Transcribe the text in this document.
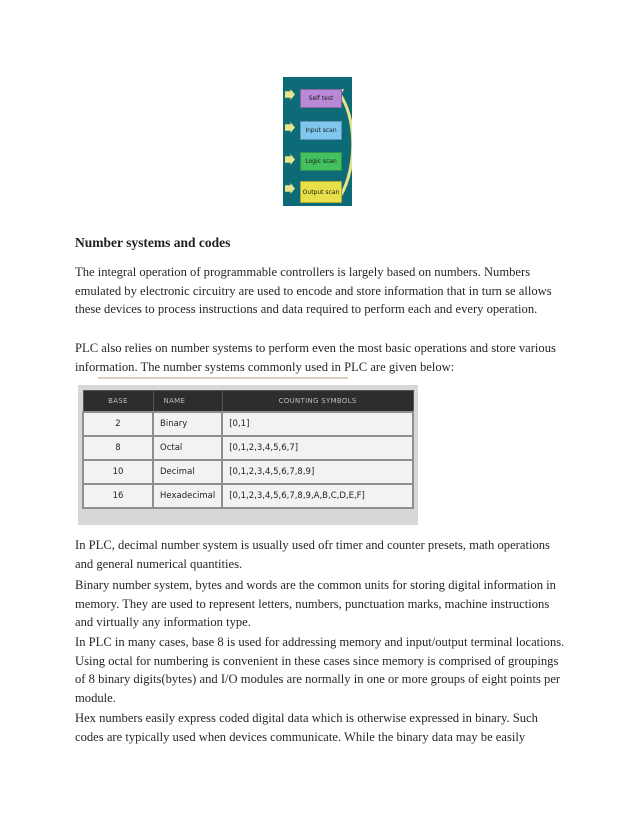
Self test
Input scan
Logic scan
Output scan
Number systems and codes

The integral operation of programmable controllers is largely based on numbers. Numbers emulated by electronic circuitry are used to encode and store information that in turn se allows these devices to process instructions and data required to perform each and every operation.

PLC also relies on number systems to perform even the most basic operations and store various information. The number systems commonly used in PLC are given below:

BASE	NAME	COUNTING SYMBOLS
2	Binary	[0,1]
8	Octal	[0,1,2,3,4,5,6,7]
10	Decimal	[0,1,2,3,4,5,6,7,8,9]
16	Hexadecimal	[0,1,2,3,4,5,6,7,8,9,A,B,C,D,E,F]

In PLC, decimal number system is usually used ofr timer and counter presets, math operations and general numerical quantities.

Binary number system, bytes and words are the common units for storing digital information in memory. They are used to represent letters, numbers, punctuation marks, machine instructions and virtually any information type.

In PLC in many cases, base 8 is used for addressing memory and input/output terminal locations. Using octal for numbering is convenient in these cases since memory is comprised of groupings of 8 binary digits(bytes) and I/O modules are normally in one or more groups of eight points per module.

Hex numbers easily express coded digital data which is otherwise expressed in binary. Such codes are typically used when devices communicate. While the binary data may be easily
